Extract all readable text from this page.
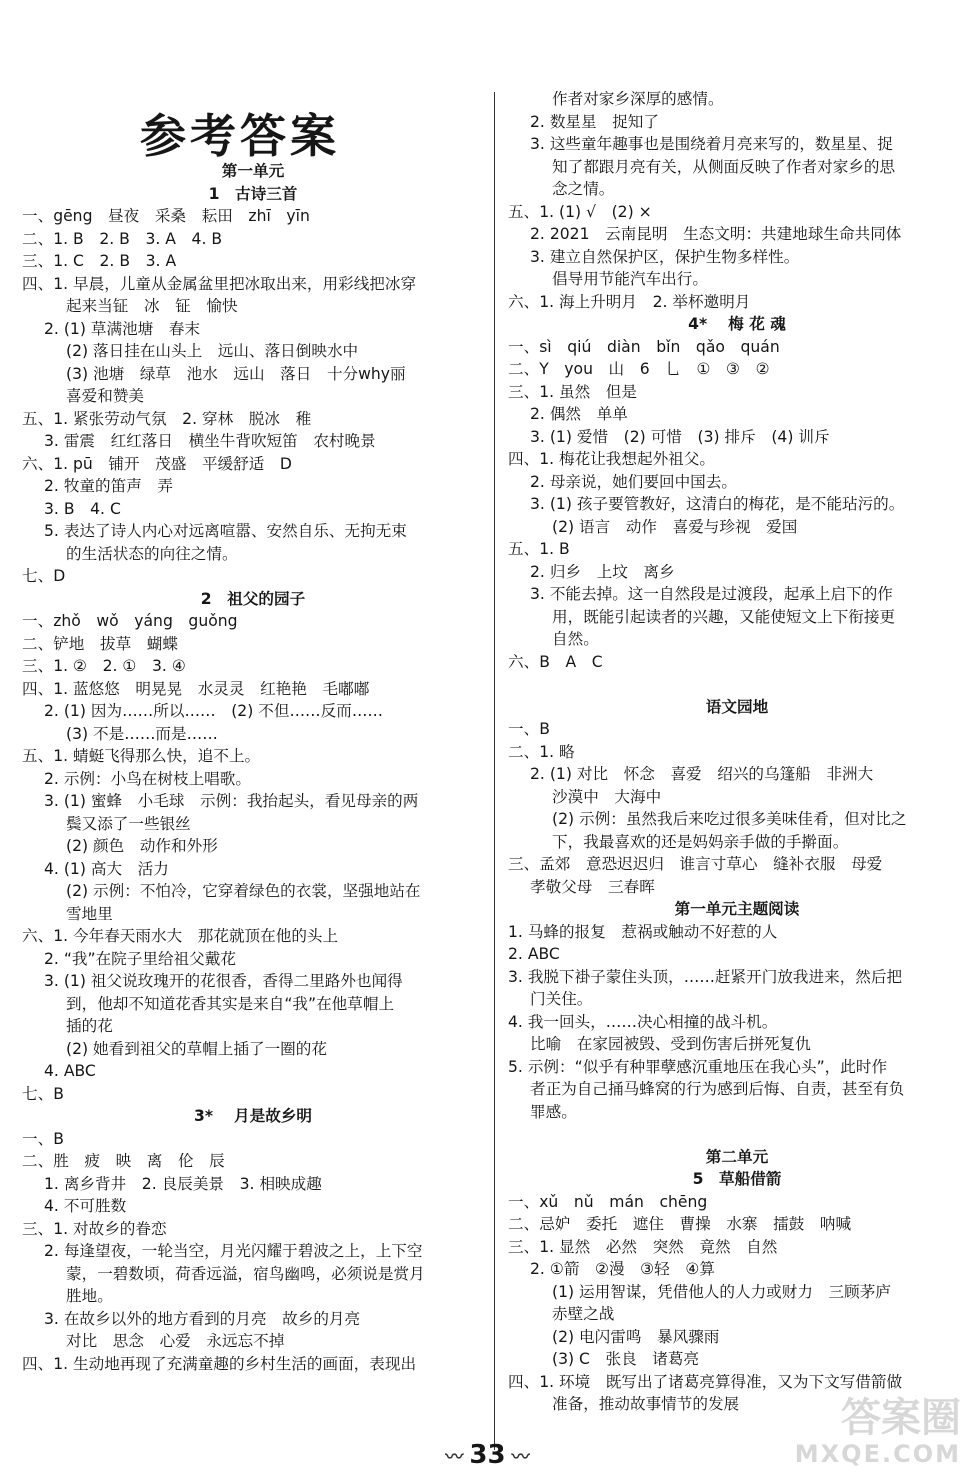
参考答案
第一单元
1　古诗三首
一、gēng　昼夜　采桑　耘田　zhī　yīn
二、1. B　2. B　3. A　4. B
三、1. C　2. B　3. A
四、1. 早晨，儿童从金属盆里把冰取出来，用彩线把冰穿
起来当钲　冰　钲　愉快
2. (1) 草满池塘　春末
(2) 落日挂在山头上　远山、落日倒映水中
(3) 池塘　绿草　池水　远山　落日　十分why丽
喜爱和赞美
五、1. 紧张劳动气氛　2. 穿林　脱冰　稚
3. 雷震　红红落日　横坐牛背吹短笛　农村晚景
六、1. pū　铺开　茂盛　平缓舒适　D
2. 牧童的笛声　弄
3. B　4. C
5. 表达了诗人内心对远离喧嚣、安然自乐、无拘无束
的生活状态的向往之情。
七、D
2　祖父的园子
一、zhǒ　wǒ　yáng　guǒng
二、铲地　拔草　蝴蝶
三、1. ②　2. ①　3. ④
四、1. 蓝悠悠　明晃晃　水灵灵　红艳艳　毛嘟嘟
2. (1) 因为……所以……　(2) 不但……反而……
(3) 不是……而是……
五、1. 蜻蜓飞得那么快，追不上。
2. 示例：小鸟在树枝上唱歌。
3. (1) 蜜蜂　小毛球　示例：我抬起头，看见母亲的两
鬓又添了一些银丝
(2) 颜色　动作和外形
4. (1) 高大　活力
(2) 示例：不怕冷，它穿着绿色的衣裳，坚强地站在
雪地里
六、1. 今年春天雨水大　那花就顶在他的头上
2. “我”在院子里给祖父戴花
3. (1) 祖父说玫瑰开的花很香，香得二里路外也闻得
到，他却不知道花香其实是来自“我”在他草帽上
插的花
(2) 她看到祖父的草帽上插了一圈的花
4. ABC
七、B
3* 　月是故乡明
一、B
二、胜　疲　映　离　伦　辰
1. 离乡背井　2. 良辰美景　3. 相映成趣
4. 不可胜数
三、1. 对故乡的眷恋
2. 每逢望夜，一轮当空，月光闪耀于碧波之上，上下空
蒙，一碧数顷，荷香远溢，宿鸟幽鸣，必须说是赏月
胜地。
3. 在故乡以外的地方看到的月亮　故乡的月亮
对比　思念　心爱　永远忘不掉
四、1. 生动地再现了充满童趣的乡村生活的画面，表现出
作者对家乡深厚的感情。
2. 数星星　捉知了
3. 这些童年趣事也是围绕着月亮来写的，数星星、捉
知了都跟月亮有关，从侧面反映了作者对家乡的思
念之情。
五、1. (1) √　(2) ×
2. 2021　云南昆明　生态文明：共建地球生命共同体
3. 建立自然保护区，保护生物多样性。
倡导用节能汽车出行。
六、1. 海上升明月　2. 举杯邀明月
4* 　梅 花 魂
一、sì　qiú　diàn　bǐn　qǎo　quán
二、Y　you　山　6　乚　①　③　②
三、1. 虽然　但是
2. 偶然　单单
3. (1) 爱惜　(2) 可惜　(3) 排斥　(4) 训斥
四、1. 梅花让我想起外祖父。
2. 母亲说，她们要回中国去。
3. (1) 孩子要管教好，这清白的梅花，是不能玷污的。
(2) 语言　动作　喜爱与珍视　爱国
五、1. B
2. 归乡　上坟　离乡
3. 不能去掉。这一自然段是过渡段，起承上启下的作
用，既能引起读者的兴趣，又能使短文上下衔接更
自然。
六、B　A　C
语文园地
一、B
二、1. 略
2. (1) 对比　怀念　喜爱　绍兴的乌篷船　非洲大
沙漠中　大海中
(2) 示例：虽然我后来吃过很多美味佳肴，但对比之
下，我最喜欢的还是妈妈亲手做的手擀面。
三、孟郊　意恐迟迟归　谁言寸草心　缝补衣服　母爱
孝敬父母　三春晖
第一单元主题阅读
1. 马蜂的报复　惹祸或触动不好惹的人
2. ABC
3. 我脱下褂子蒙住头顶，……赶紧开门放我进来，然后把
门关住。
4. 我一回头，……决心相撞的战斗机。
比喻　在家园被毁、受到伤害后拼死复仇
5. 示例：“似乎有种罪孽感沉重地压在我心头”，此时作
者正为自己捅马蜂窝的行为感到后悔、自责，甚至有负
罪感。
第二单元
5　草船借箭
一、xǔ　nǔ　mán　chēng
二、忌妒　委托　遮住　曹操　水寨　擂鼓　呐喊
三、1. 显然　必然　突然　竟然　自然
2. ①箭　②漫　③轻　④算
(1) 运用智谋，凭借他人的人力或财力　三顾茅庐
赤壁之战
(2) 电闪雷鸣　暴风骤雨
(3) C　张良　诸葛亮
四、1. 环境　既写出了诸葛亮算得准，又为下文写借箭做
准备，推动故事情节的发展
〰 33 〰
答案圈
MXQE.COM
